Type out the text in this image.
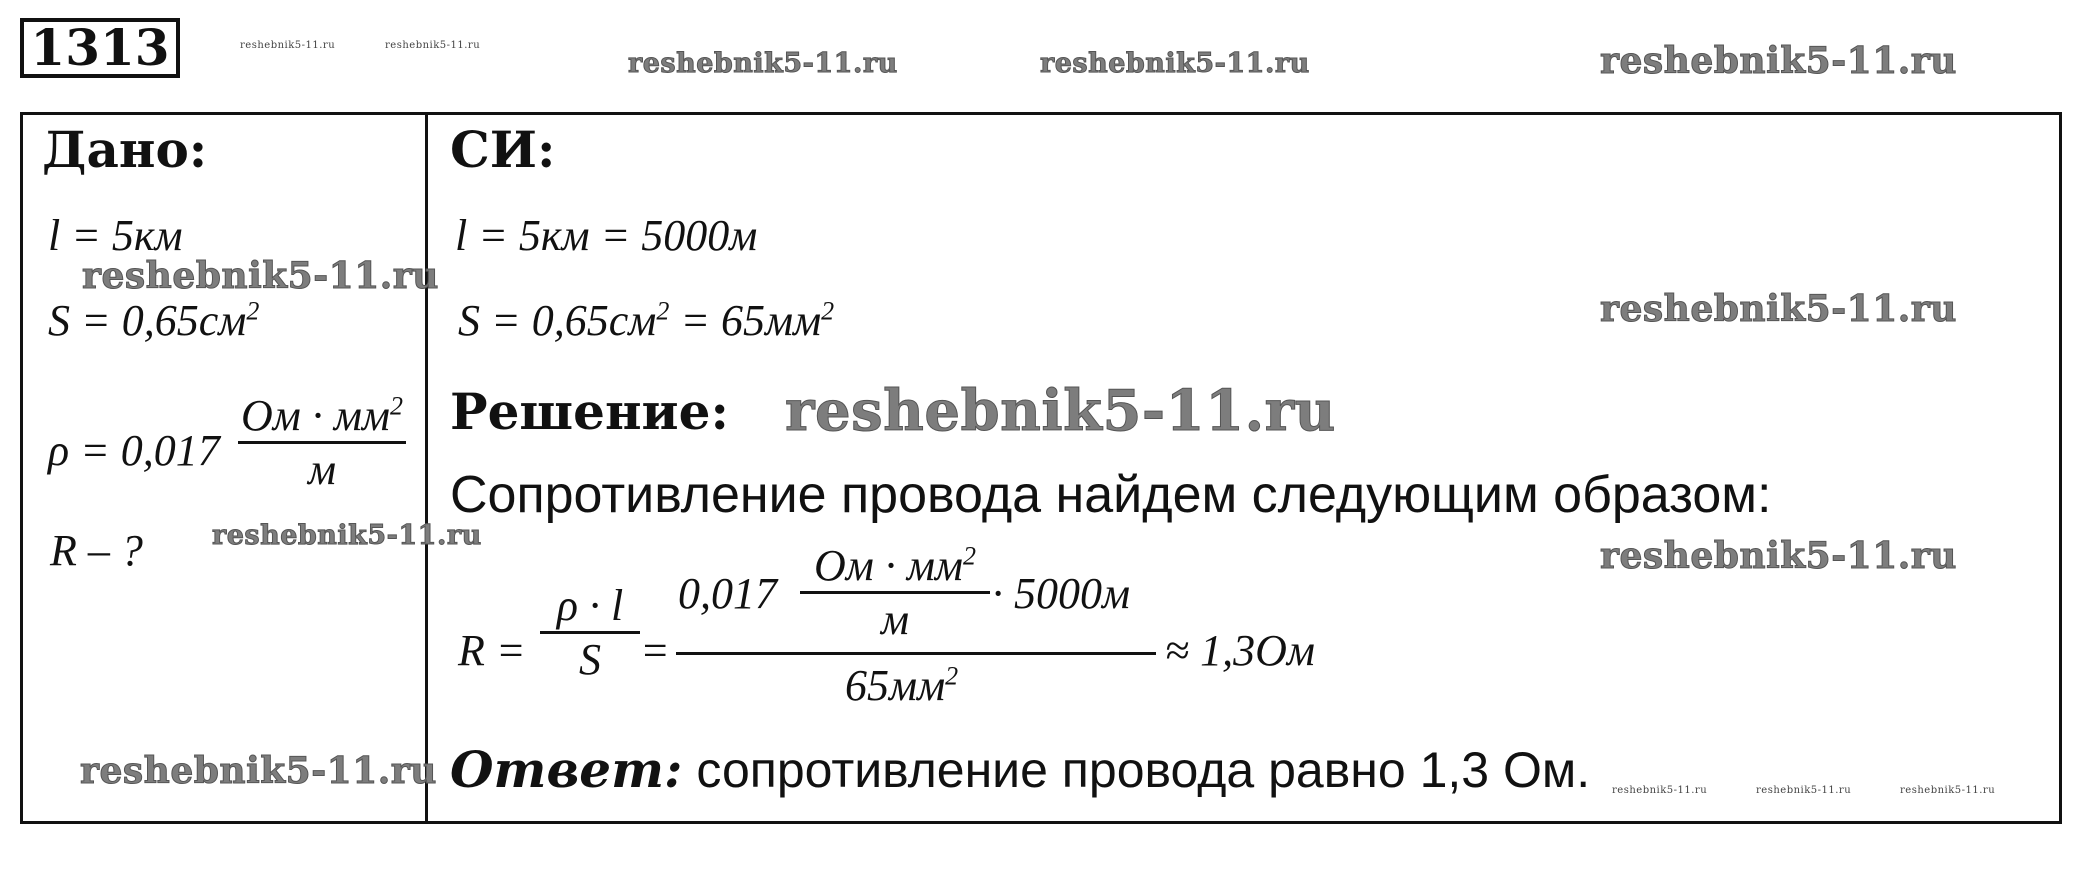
1313	reshebnik5-11.ru	reshebnik5-11.ru
reshebnik5-11.ru	reshebnik5-11.ru	reshebnik5-11.ru
Дано:
l = 5км
reshebnik5-11.ru
$S = 0,65см^2$
ρ = 0,017
Ом · $мм^2$
м
R – ?	reshebnik5-11.ru
reshebnik5-11.ru
СИ:
l = 5км = 5000м
$S = 0,65см^2 = 65мм^2$	reshebnik5-11.ru
Решение: reshebnik5-11.ru
Сопротивление провода найдем следующим образом:
reshebnik5-11.ru
R =
ρ · l
S =
0,017
Ом · $мм^2$
м
· 5000м
$65мм^2$
≈ 1,3Ом
Ответ: сопротивление провода равно 1,3 Ом. reshebnik5-11.ru	reshebnik5-11.ru	reshebnik5-11.ru
